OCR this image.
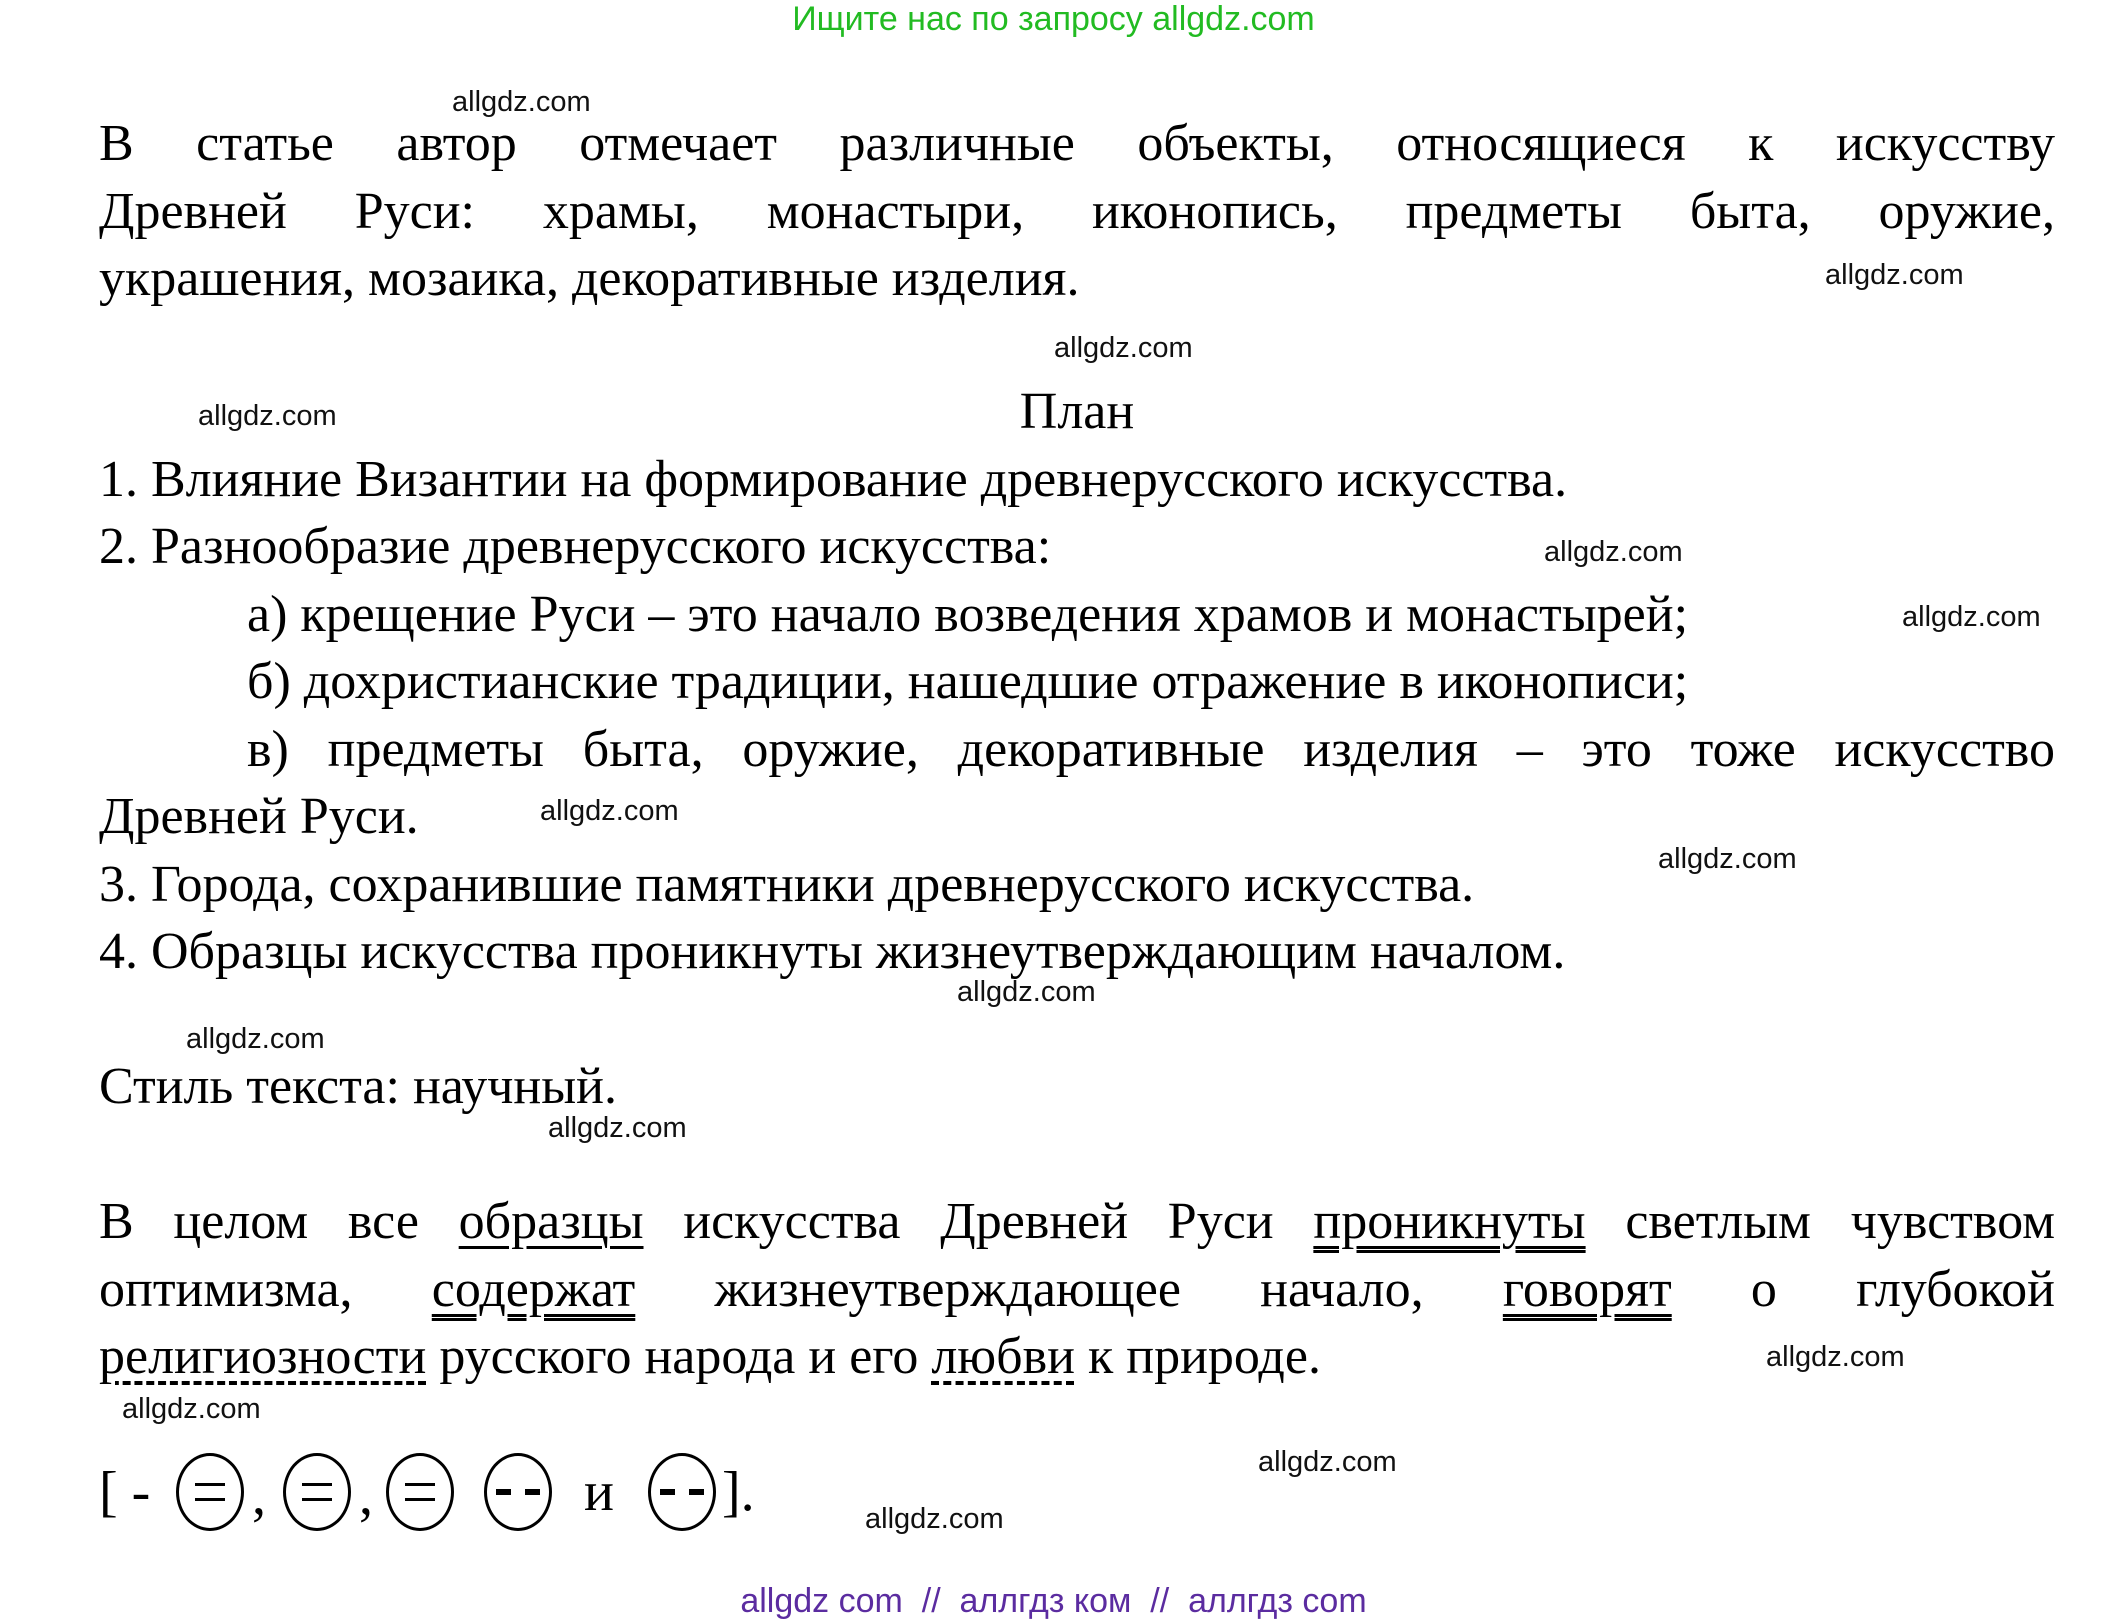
Ищите нас по запросу allgdz.com
В статье автор отмечает различные объекты, относящиеся к искусству
Древней Руси: храмы, монастыри, иконопись, предметы быта, оружие,
украшения, мозаика, декоративные изделия.
План
1. Влияние Византии на формирование древнерусского искусства.
2. Разнообразие древнерусского искусства:
а) крещение Руси – это начало возведения храмов и монастырей;
б) дохристианские традиции, нашедшие отражение в иконописи;
в) предметы быта, оружие, декоративные изделия – это тоже искусство
Древней Руси.
3. Города, сохранившие памятники древнерусского искусства.
4. Образцы искусства проникнуты жизнеутверждающим началом.
Стиль текста: научный.
В целом все образцы искусства Древней Руси проникнуты светлым чувством
оптимизма, содержат жизнеутверждающее начало, говорят о глубокой
религиозности русского народа и его любви к природе.
[ - , ,	и ].
allgdz.com
allgdz.com
allgdz.com
allgdz.com
allgdz.com
allgdz.com
allgdz.com
allgdz.com
allgdz.com
allgdz.com
allgdz.com
allgdz.com
allgdz.com
allgdz.com
allgdz.com
allgdz com  //  аллгдз ком  //  аллгдз com
